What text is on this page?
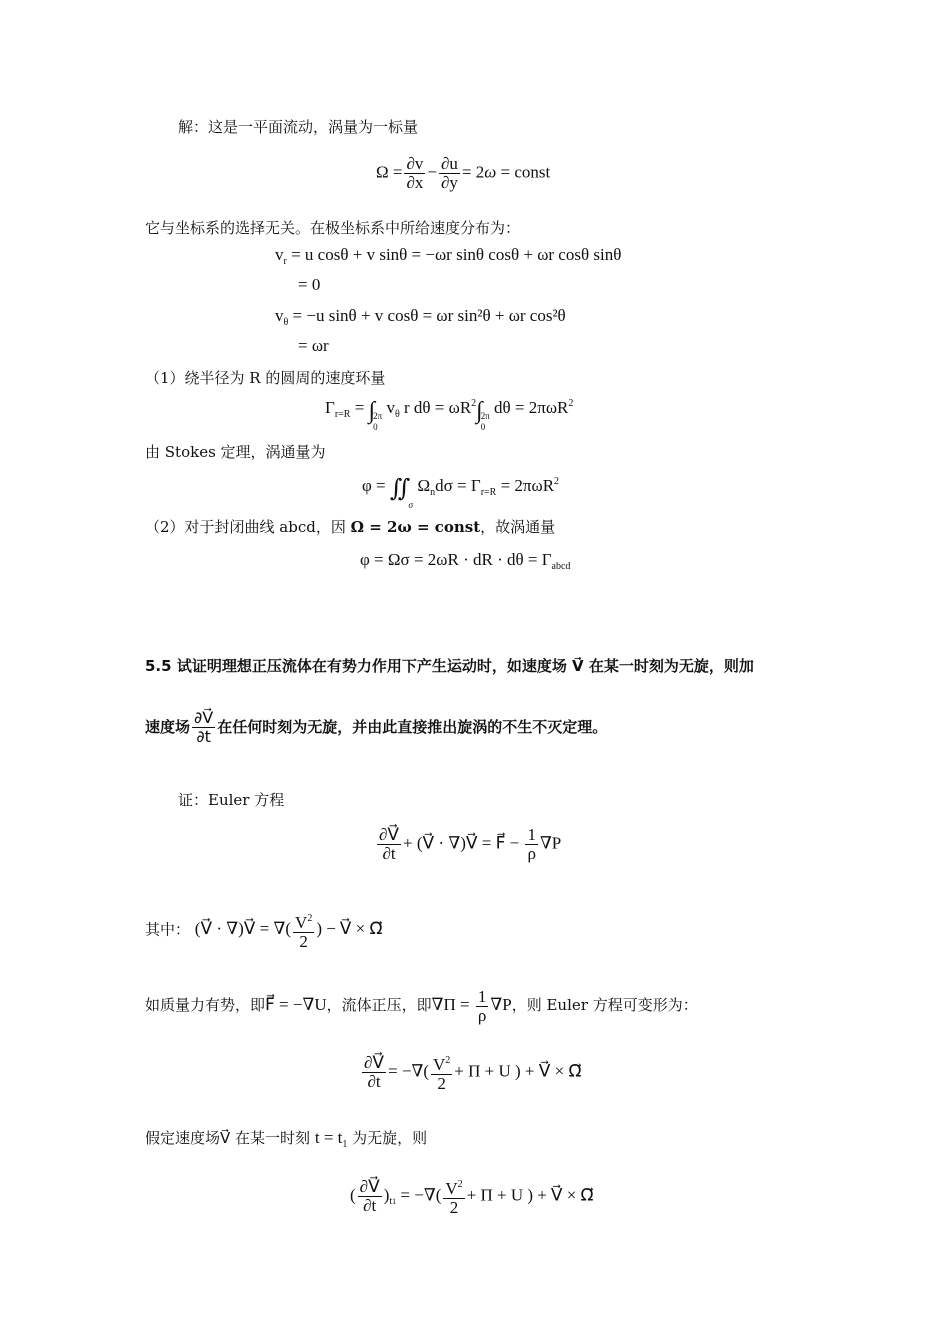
解：这是一平面流动，涡量为一标量
$\Omega = \frac{\partial v}{\partial x} - \frac{\partial u}{\partial y} = 2\omega$ = const
它与坐标系的选择无关。在极坐标系中所给速度分布为：
$v_r = u$ cosθ + v sinθ = −ωr sinθ cosθ + ωr cosθ sinθ
= 0
$v_\theta = -u$ sinθ + v cosθ = ωr sin²θ + ωr cos²θ
= ωr
（1）绕半径为 R 的圆周的速度环量
$\Gamma_{r=R}$ = ∫
2π
0
$v_\theta$ r $d\theta = \omega R^2\int$
2π
0
dθ = 2πωR$^2$
由 Stokes 定理，涡通量为
φ = ∬

σ
$\Omega_nd\sigma = \Gamma_{r=R} = 2\pi\omega R^2$
（2）对于封闭曲线 abcd，因 Ω = 2ω = const，故涡通量
φ = Ωσ = 2ωR · dR · $d\theta = \Gamma_{abcd}$
5.5 试证明理想正压流体在有势力作用下产生运动时，如速度场 V⃗ 在某一时刻为无旋，则加
速度场 $\frac{\partial V⃗}{\partial t}$ 在任何时刻为无旋，并由此直接推出旋涡的不生不灭定理。
证：Euler 方程
$\frac{\partial V⃗}{\partial t}$ + (V⃗ · ∇)V⃗ = F⃗ − $\frac{1}{\rho} \nabla P$
其中： (V⃗ · ∇)V⃗ = ∇( $\frac{V^2}{2}$ ) − V⃗ × Ω⃗
如质量力有势，即F⃗ = −∇U，流体正压，即$\nabla\Pi = \frac{1}{\rho} \nabla P$，则 Euler 方程可变形为：
$\frac{\partial V⃗}{\partial t}$ = −∇( $\frac{V^2}{2} + \Pi + U$ ) + V⃗ × Ω⃗
假定速度场V⃗ 在某一时刻 $t = t_1$ 为无旋，则
( $\frac{\partial V⃗}{\partial t} )_{t1}$ = −∇( $\frac{V^2}{2} + \Pi + U$ ) + V⃗ × Ω⃗
